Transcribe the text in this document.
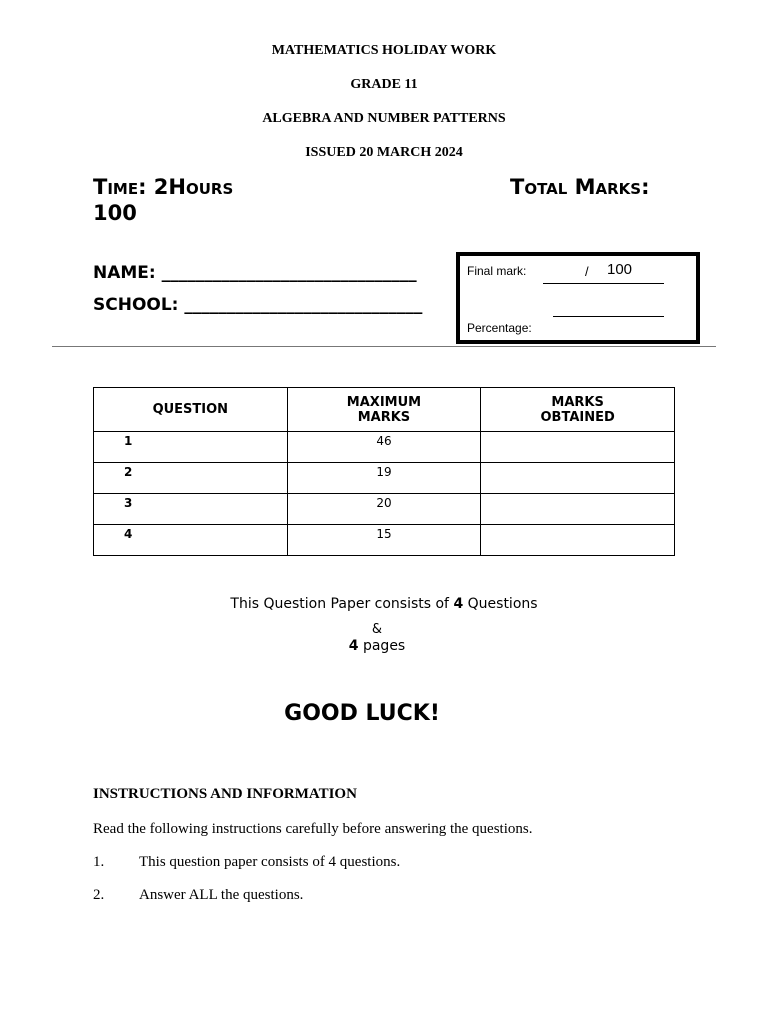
MATHEMATICS HOLIDAY WORK
GRADE 11
ALGEBRA AND NUMBER PATTERNS
ISSUED 20 MARCH 2024
Time: 2Hours	Total Marks:
100
NAME: ______________________________
SCHOOL: ____________________________
Final mark:	/ 100
Percentage:
QUESTION	MAXIMUM MARKS	MARKS OBTAINED

1	46	
2	19	
3	20	
4	15	
This Question Paper consists of 4 Questions
&
4 pages
GOOD LUCK!
INSTRUCTIONS AND INFORMATION
Read the following instructions carefully before answering the questions.
1. This question paper consists of 4 questions.
2. Answer ALL the questions.
